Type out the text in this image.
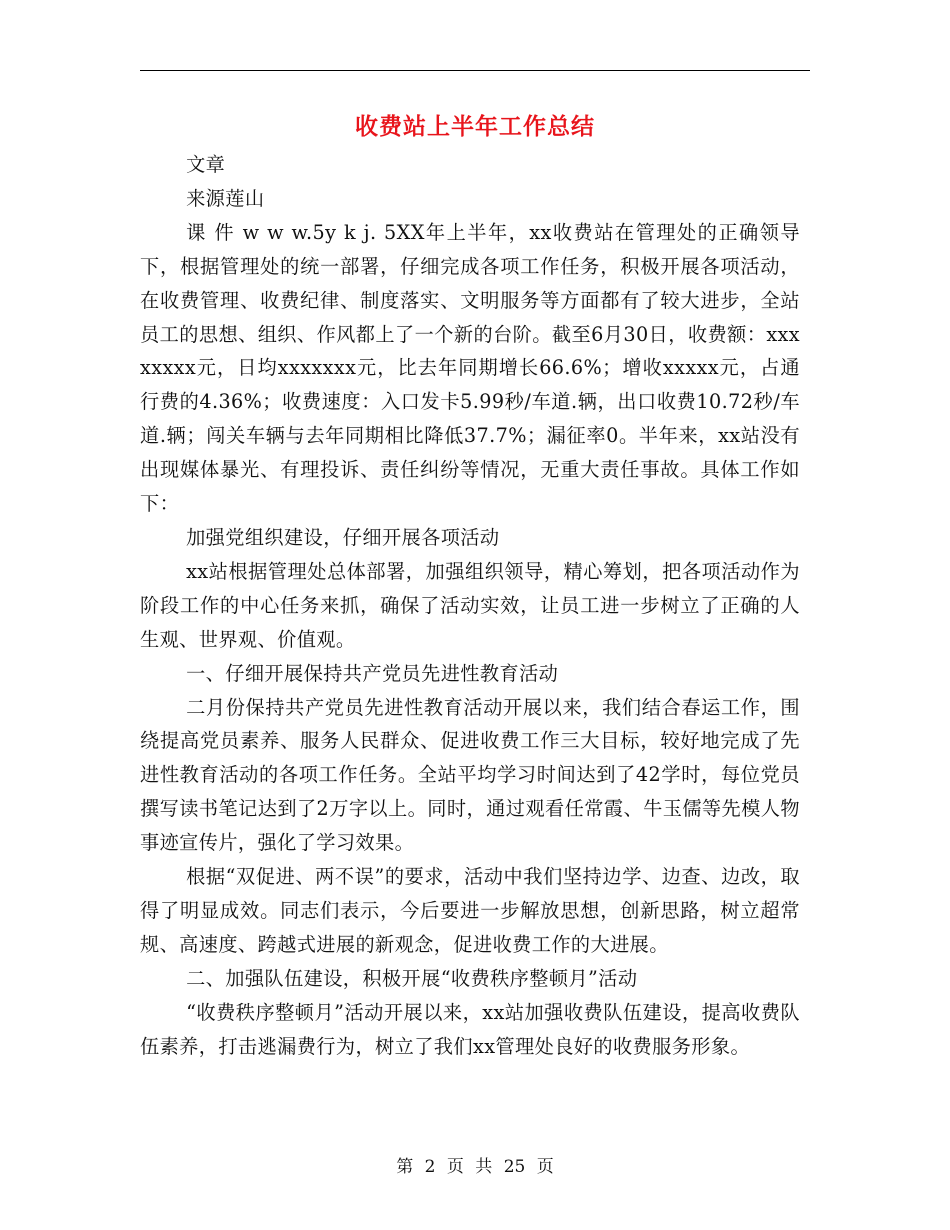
收费站上半年工作总结

文章

来源莲山

课 件 w w w.5y k j. 5XX年上半年，xx收费站在管理处的正确领导下，根据管理处的统一部署，仔细完成各项工作任务，积极开展各项活动，在收费管理、收费纪律、制度落实、文明服务等方面都有了较大进步，全站员工的思想、组织、作风都上了一个新的台阶。截至6月30日，收费额：xxxxxxxx元，日均xxxxxxx元，比去年同期增长66.6%；增收xxxxx元，占通行费的4.36%；收费速度：入口发卡5.99秒/车道.辆，出口收费10.72秒/车道.辆；闯关车辆与去年同期相比降低37.7%；漏征率0。半年来，xx站没有出现媒体暴光、有理投诉、责任纠纷等情况，无重大责任事故。具体工作如下：

加强党组织建设，仔细开展各项活动

xx站根据管理处总体部署，加强组织领导，精心筹划，把各项活动作为阶段工作的中心任务来抓，确保了活动实效，让员工进一步树立了正确的人生观、世界观、价值观。

一、仔细开展保持共产党员先进性教育活动

二月份保持共产党员先进性教育活动开展以来，我们结合春运工作，围绕提高党员素养、服务人民群众、促进收费工作三大目标，较好地完成了先进性教育活动的各项工作任务。全站平均学习时间达到了42学时，每位党员撰写读书笔记达到了2万字以上。同时，通过观看任常霞、牛玉儒等先模人物事迹宣传片，强化了学习效果。

根据“双促进、两不误”的要求，活动中我们坚持边学、边查、边改，取得了明显成效。同志们表示，今后要进一步解放思想，创新思路，树立超常规、高速度、跨越式进展的新观念，促进收费工作的大进展。

二、加强队伍建设，积极开展“收费秩序整顿月”活动

“收费秩序整顿月”活动开展以来，xx站加强收费队伍建设，提高收费队伍素养，打击逃漏费行为，树立了我们xx管理处良好的收费服务形象。

第 2 页 共 25 页
